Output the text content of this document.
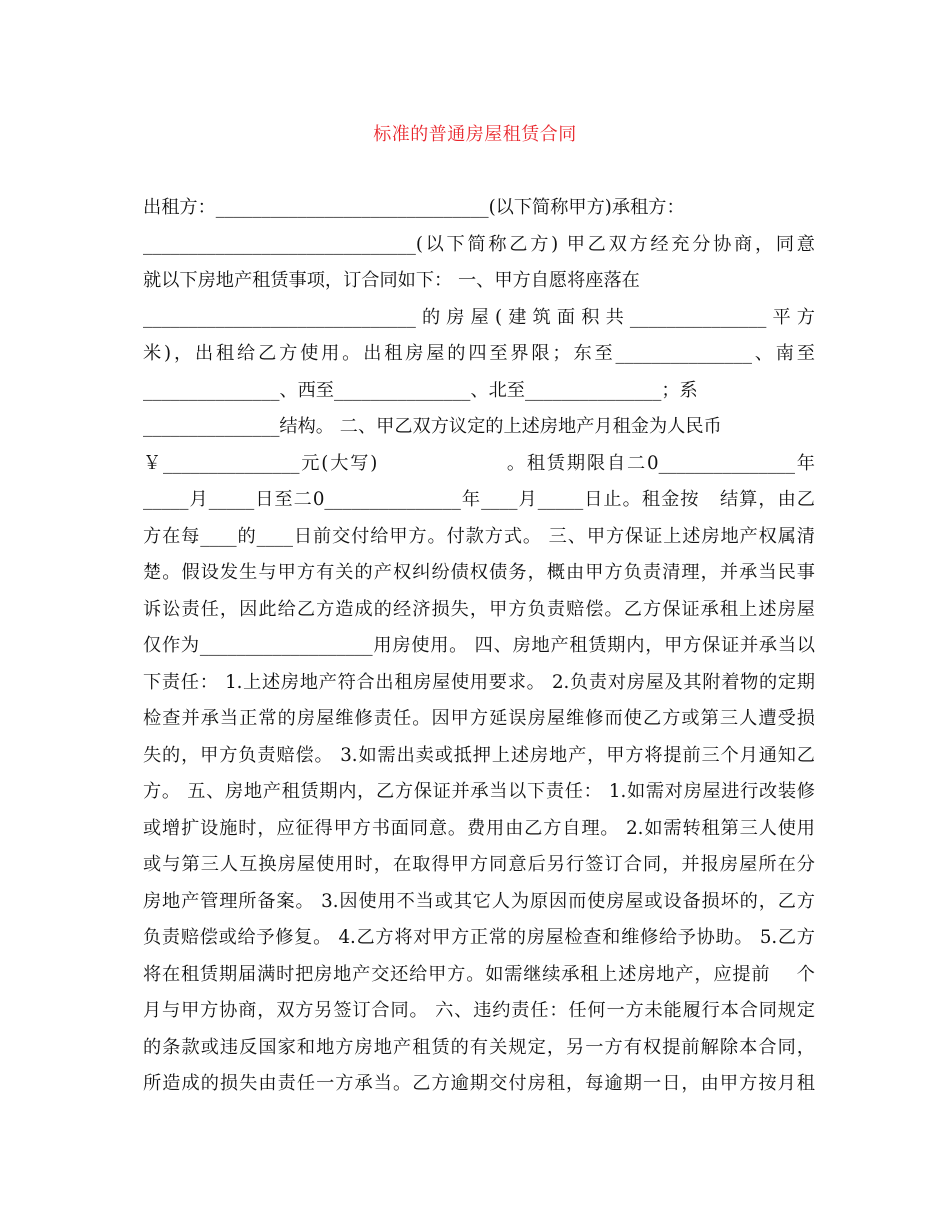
标准的普通房屋租赁合同
出租方：______________________________(以下简称甲方)承租方：
______________________________(以下简称乙方) 甲乙双方经充分协商，同意
就以下房地产租赁事项，订合同如下： 一、甲方自愿将座落在
______________________________的房屋(建筑面积共_______________平方
米)，出租给乙方使用。出租房屋的四至界限；东至_______________、南至
_______________、西至_______________、北至_______________；系
_______________结构。 二、甲乙双方议定的上述房地产月租金为人民币
￥_______________元(大写)                 。租赁期限自二0_______________年
_____月_____日至二0_______________年____月_____日止。租金按   结算，由乙
方在每____的____日前交付给甲方。付款方式。 三、甲方保证上述房地产权属清
楚。假设发生与甲方有关的产权纠纷债权债务，概由甲方负责清理，并承当民事
诉讼责任，因此给乙方造成的经济损失，甲方负责赔偿。乙方保证承租上述房屋
仅作为___________________用房使用。 四、房地产租赁期内，甲方保证并承当以
下责任： 1.上述房地产符合出租房屋使用要求。 2.负责对房屋及其附着物的定期
检查并承当正常的房屋维修责任。因甲方延误房屋维修而使乙方或第三人遭受损
失的，甲方负责赔偿。 3.如需出卖或抵押上述房地产，甲方将提前三个月通知乙
方。 五、房地产租赁期内，乙方保证并承当以下责任： 1.如需对房屋进行改装修
或增扩设施时，应征得甲方书面同意。费用由乙方自理。 2.如需转租第三人使用
或与第三人互换房屋使用时，在取得甲方同意后另行签订合同，并报房屋所在分
房地产管理所备案。 3.因使用不当或其它人为原因而使房屋或设备损坏的，乙方
负责赔偿或给予修复。 4.乙方将对甲方正常的房屋检查和维修给予协助。 5.乙方
将在租赁期届满时把房地产交还给甲方。如需继续承租上述房地产，应提前    个
月与甲方协商，双方另签订合同。 六、违约责任：任何一方未能履行本合同规定
的条款或违反国家和地方房地产租赁的有关规定，另一方有权提前解除本合同，
所造成的损失由责任一方承当。乙方逾期交付房租，每逾期一日，由甲方按月租
